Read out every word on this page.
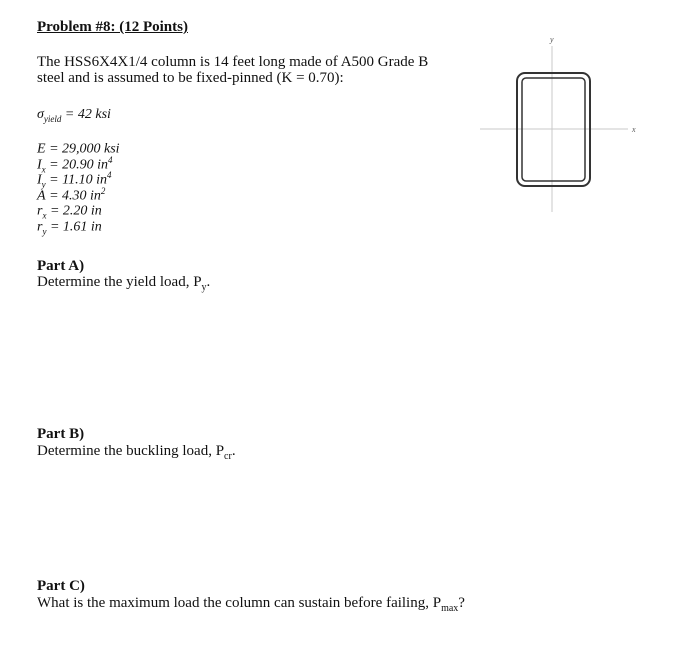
Problem #8: (12 Points)
The HSS6X4X1/4 column is 14 feet long made of A500 Grade B
steel and is assumed to be fixed-pinned (K = 0.70):
$\sigma_{yield} = 42$ ksi
E = 29,000 ksi
$I_x = 20.90$ $in^4$
$I_y = 11.10$ $in^4$
A = 4.30 $in^2$
$r_x = 2.20$ in
$r_y = 1.61$ in
x
y
Part A)
Determine the yield load, $P_y$.
Part B)
Determine the buckling load, $P_{cr}$.
Part C)
What is the maximum load the column can sustain before failing, $P_{max}$?
